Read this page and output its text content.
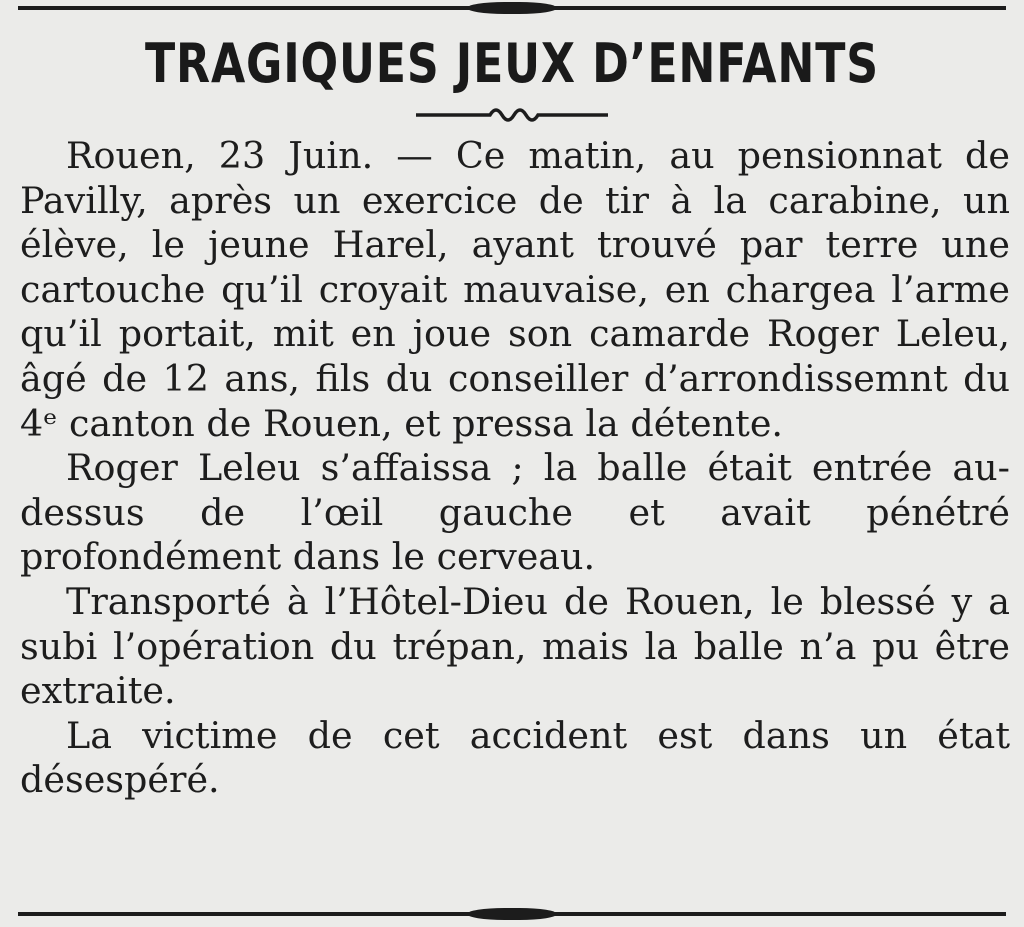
TRAGIQUES JEUX D’ENFANTS

Rouen, 23 Juin. — Ce matin, au pensionnat de Pavilly, après un exercice de tir à la carabine, un élève, le jeune Harel, ayant trouvé par terre une cartouche qu’il croyait mauvaise, en chargea l’arme qu’il portait, mit en joue son camarde Roger Leleu, âgé de 12 ans, fils du conseiller d’arrondissemnt du 4ᵉ canton de Rouen, et pressa la détente.

Roger Leleu s’affaissa ; la balle était entrée au-dessus de l’œil gauche et avait pénétré profondément dans le cerveau.

Transporté à l’Hôtel-Dieu de Rouen, le blessé y a subi l’opération du trépan, mais la balle n’a pu être extraite.

La victime de cet accident est dans un état désespéré.
